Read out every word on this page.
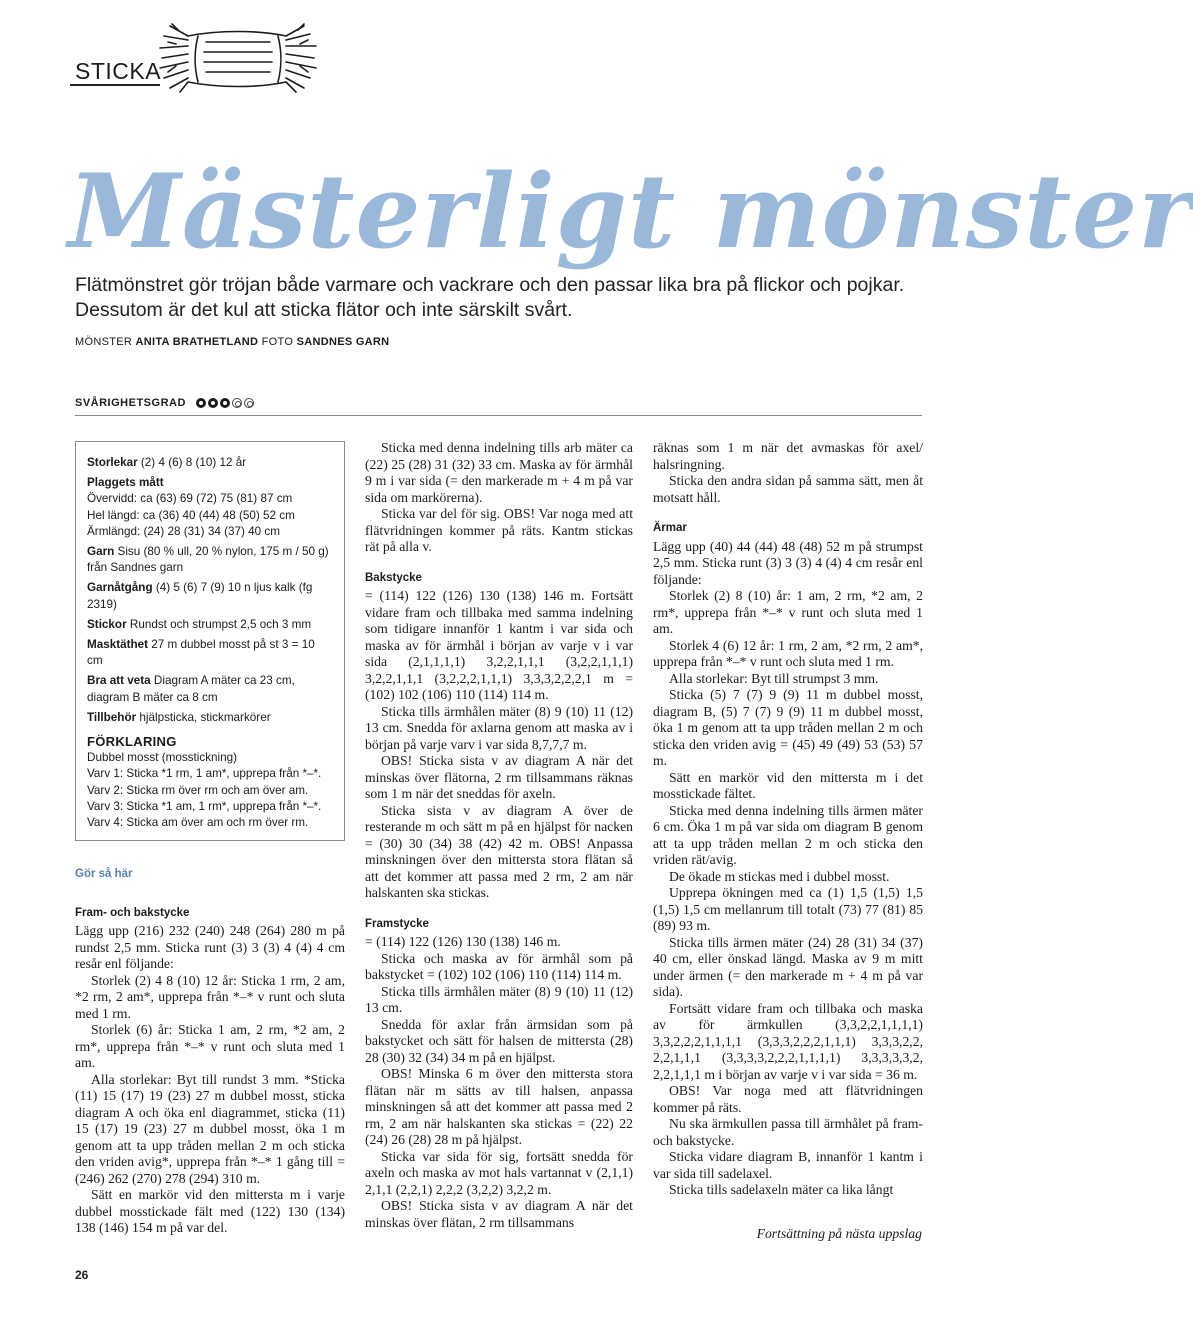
STICKA
Mästerligt mönster
Flätmönstret gör tröjan både varmare och vackrare och den passar lika bra på flickor och pojkar. Dessutom är det kul att sticka flätor och inte särskilt svårt.
MÖNSTER ANITA BRATHETLAND FOTO SANDNES GARN
SVÅRIGHETSGRAD
Storlekar (2) 4 (6) 8 (10) 12 år
Plaggets mått
Övervidd: ca (63) 69 (72) 75 (81) 87 cm
Hel längd: ca (36) 40 (44) 48 (50) 52 cm
Ärmlängd: (24) 28 (31) 34 (37) 40 cm
Garn Sisu (80 % ull, 20 % nylon, 175 m / 50 g) från Sandnes garn
Garnåtgång (4) 5 (6) 7 (9) 10 n ljus kalk (fg 2319)
Stickor Rundst och strumpst 2,5 och 3 mm
Masktäthet 27 m dubbel mosst på st 3 = 10 cm
Bra att veta Diagram A mäter ca 23 cm, diagram B mäter ca 8 cm
Tillbehör hjälpsticka, stickmarkörer
FÖRKLARING
Dubbel mosst (mosstickning)
Varv 1: Sticka *1 rm, 1 am*, upprepa från *–*.
Varv 2: Sticka rm över rm och am över am.
Varv 3: Sticka *1 am, 1 rm*, upprepa från *–*.
Varv 4: Sticka am över am och rm över rm.
Gör så här
Fram- och bakstycke

Lägg upp (216) 232 (240) 248 (264) 280 m på rundst 2,5 mm. Sticka runt (3) 3 (3) 4 (4) 4 cm resår enl följande:

Storlek (2) 4 8 (10) 12 år: Sticka 1 rm, 2 am, *2 rm, 2 am*, upprepa från *–* v runt och sluta med 1 rm.

Storlek (6) år: Sticka 1 am, 2 rm, *2 am, 2 rm*, upprepa från *–* v runt och sluta med 1 am.

Alla storlekar: Byt till rundst 3 mm. *Sticka (11) 15 (17) 19 (23) 27 m dubbel mosst, sticka diagram A och öka enl diagrammet, sticka (11) 15 (17) 19 (23) 27 m dubbel mosst, öka 1 m genom att ta upp tråden mellan 2 m och sticka den vriden avig*, upprepa från *–* 1 gång till = (246) 262 (270) 278 (294) 310 m.

Sätt en markör vid den mittersta m i varje dubbel mosstickade fält med (122) 130 (134) 138 (146) 154 m på var del.

Sticka med denna indelning tills arb mäter ca (22) 25 (28) 31 (32) 33 cm. Maska av för ärmhål 9 m i var sida (= den markerade m + 4 m på var sida om markörerna).

Sticka var del för sig. OBS! Var noga med att flätvridningen kommer på räts. Kantm stickas rät på alla v.

Bakstycke

= (114) 122 (126) 130 (138) 146 m. Fortsätt vidare fram och tillbaka med samma indelning som tidigare innanför 1 kantm i var sida och maska av för ärmhål i början av varje v i var sida (2,1,1,1,1) 3,2,2,1,1,1 (3,2,2,1,1,1) 3,2,2,1,1,1 (3,2,2,2,1,1,1) 3,3,3,2,2,2,1 m = (102) 102 (106) 110 (114) 114 m.

Sticka tills ärmhålen mäter (8) 9 (10) 11 (12) 13 cm. Snedda för axlarna genom att maska av i början på varje varv i var sida 8,7,7,7 m.

OBS! Sticka sista v av diagram A när det minskas över flätorna, 2 rm tillsammans räknas som 1 m när det sneddas för axeln.

Sticka sista v av diagram A över de resterande m och sätt m på en hjälpst för nacken = (30) 30 (34) 38 (42) 42 m. OBS! Anpassa minskningen över den mittersta stora flätan så att det kommer att passa med 2 rm, 2 am när halskanten ska stickas.

Framstycke

= (114) 122 (126) 130 (138) 146 m.

Sticka och maska av för ärmhål som på bakstycket = (102) 102 (106) 110 (114) 114 m.

Sticka tills ärmhålen mäter (8) 9 (10) 11 (12) 13 cm.

Snedda för axlar från ärmsidan som på bakstycket och sätt för halsen de mittersta (28) 28 (30) 32 (34) 34 m på en hjälpst.

OBS! Minska 6 m över den mittersta stora flätan när m sätts av till halsen, anpassa minskningen så att det kommer att passa med 2 rm, 2 am när halskanten ska stickas = (22) 22 (24) 26 (28) 28 m på hjälpst.

Sticka var sida för sig, fortsätt snedda för axeln och maska av mot hals vartannat v (2,1,1) 2,1,1 (2,2,1) 2,2,2 (3,2,2) 3,2,2 m.

OBS! Sticka sista v av diagram A när det minskas över flätan, 2 rm tillsammans

räknas som 1 m när det avmaskas för axel/ halsringning.

Sticka den andra sidan på samma sätt, men åt motsatt håll.

Ärmar

Lägg upp (40) 44 (44) 48 (48) 52 m på strumpst 2,5 mm. Sticka runt (3) 3 (3) 4 (4) 4 cm resår enl följande:

Storlek (2) 8 (10) år: 1 am, 2 rm, *2 am, 2 rm*, upprepa från *–* v runt och sluta med 1 am.

Storlek 4 (6) 12 år: 1 rm, 2 am, *2 rm, 2 am*, upprepa från *–* v runt och sluta med 1 rm.

Alla storlekar: Byt till strumpst 3 mm.

Sticka (5) 7 (7) 9 (9) 11 m dubbel mosst, diagram B, (5) 7 (7) 9 (9) 11 m dubbel mosst, öka 1 m genom att ta upp tråden mellan 2 m och sticka den vriden avig = (45) 49 (49) 53 (53) 57 m.

Sätt en markör vid den mittersta m i det mosstickade fältet.

Sticka med denna indelning tills ärmen mäter 6 cm. Öka 1 m på var sida om diagram B genom att ta upp tråden mellan 2 m och sticka den vriden rät/avig.

De ökade m stickas med i dubbel mosst.

Upprepa ökningen med ca (1) 1,5 (1,5) 1,5 (1,5) 1,5 cm mellanrum till totalt (73) 77 (81) 85 (89) 93 m.

Sticka tills ärmen mäter (24) 28 (31) 34 (37) 40 cm, eller önskad längd. Maska av 9 m mitt under ärmen (= den markerade m + 4 m på var sida).

Fortsätt vidare fram och tillbaka och maska av för ärmkullen (3,3,2,2,1,1,1,1) 3,3,2,2,2,1,1,1,1 (3,3,3,2,2,2,1,1,1) 3,3,3,2,2, 2,2,1,1,1 (3,3,3,3,2,2,2,1,1,1,1) 3,3,3,3,3,2, 2,2,1,1,1 m i början av varje v i var sida = 36 m.

OBS! Var noga med att flätvridningen kommer på räts.

Nu ska ärmkullen passa till ärmhålet på fram- och bakstycke.

Sticka vidare diagram B, innanför 1 kantm i var sida till sadelaxel.

Sticka tills sadelaxeln mäter ca lika långt

Fortsättning på nästa uppslag
26
